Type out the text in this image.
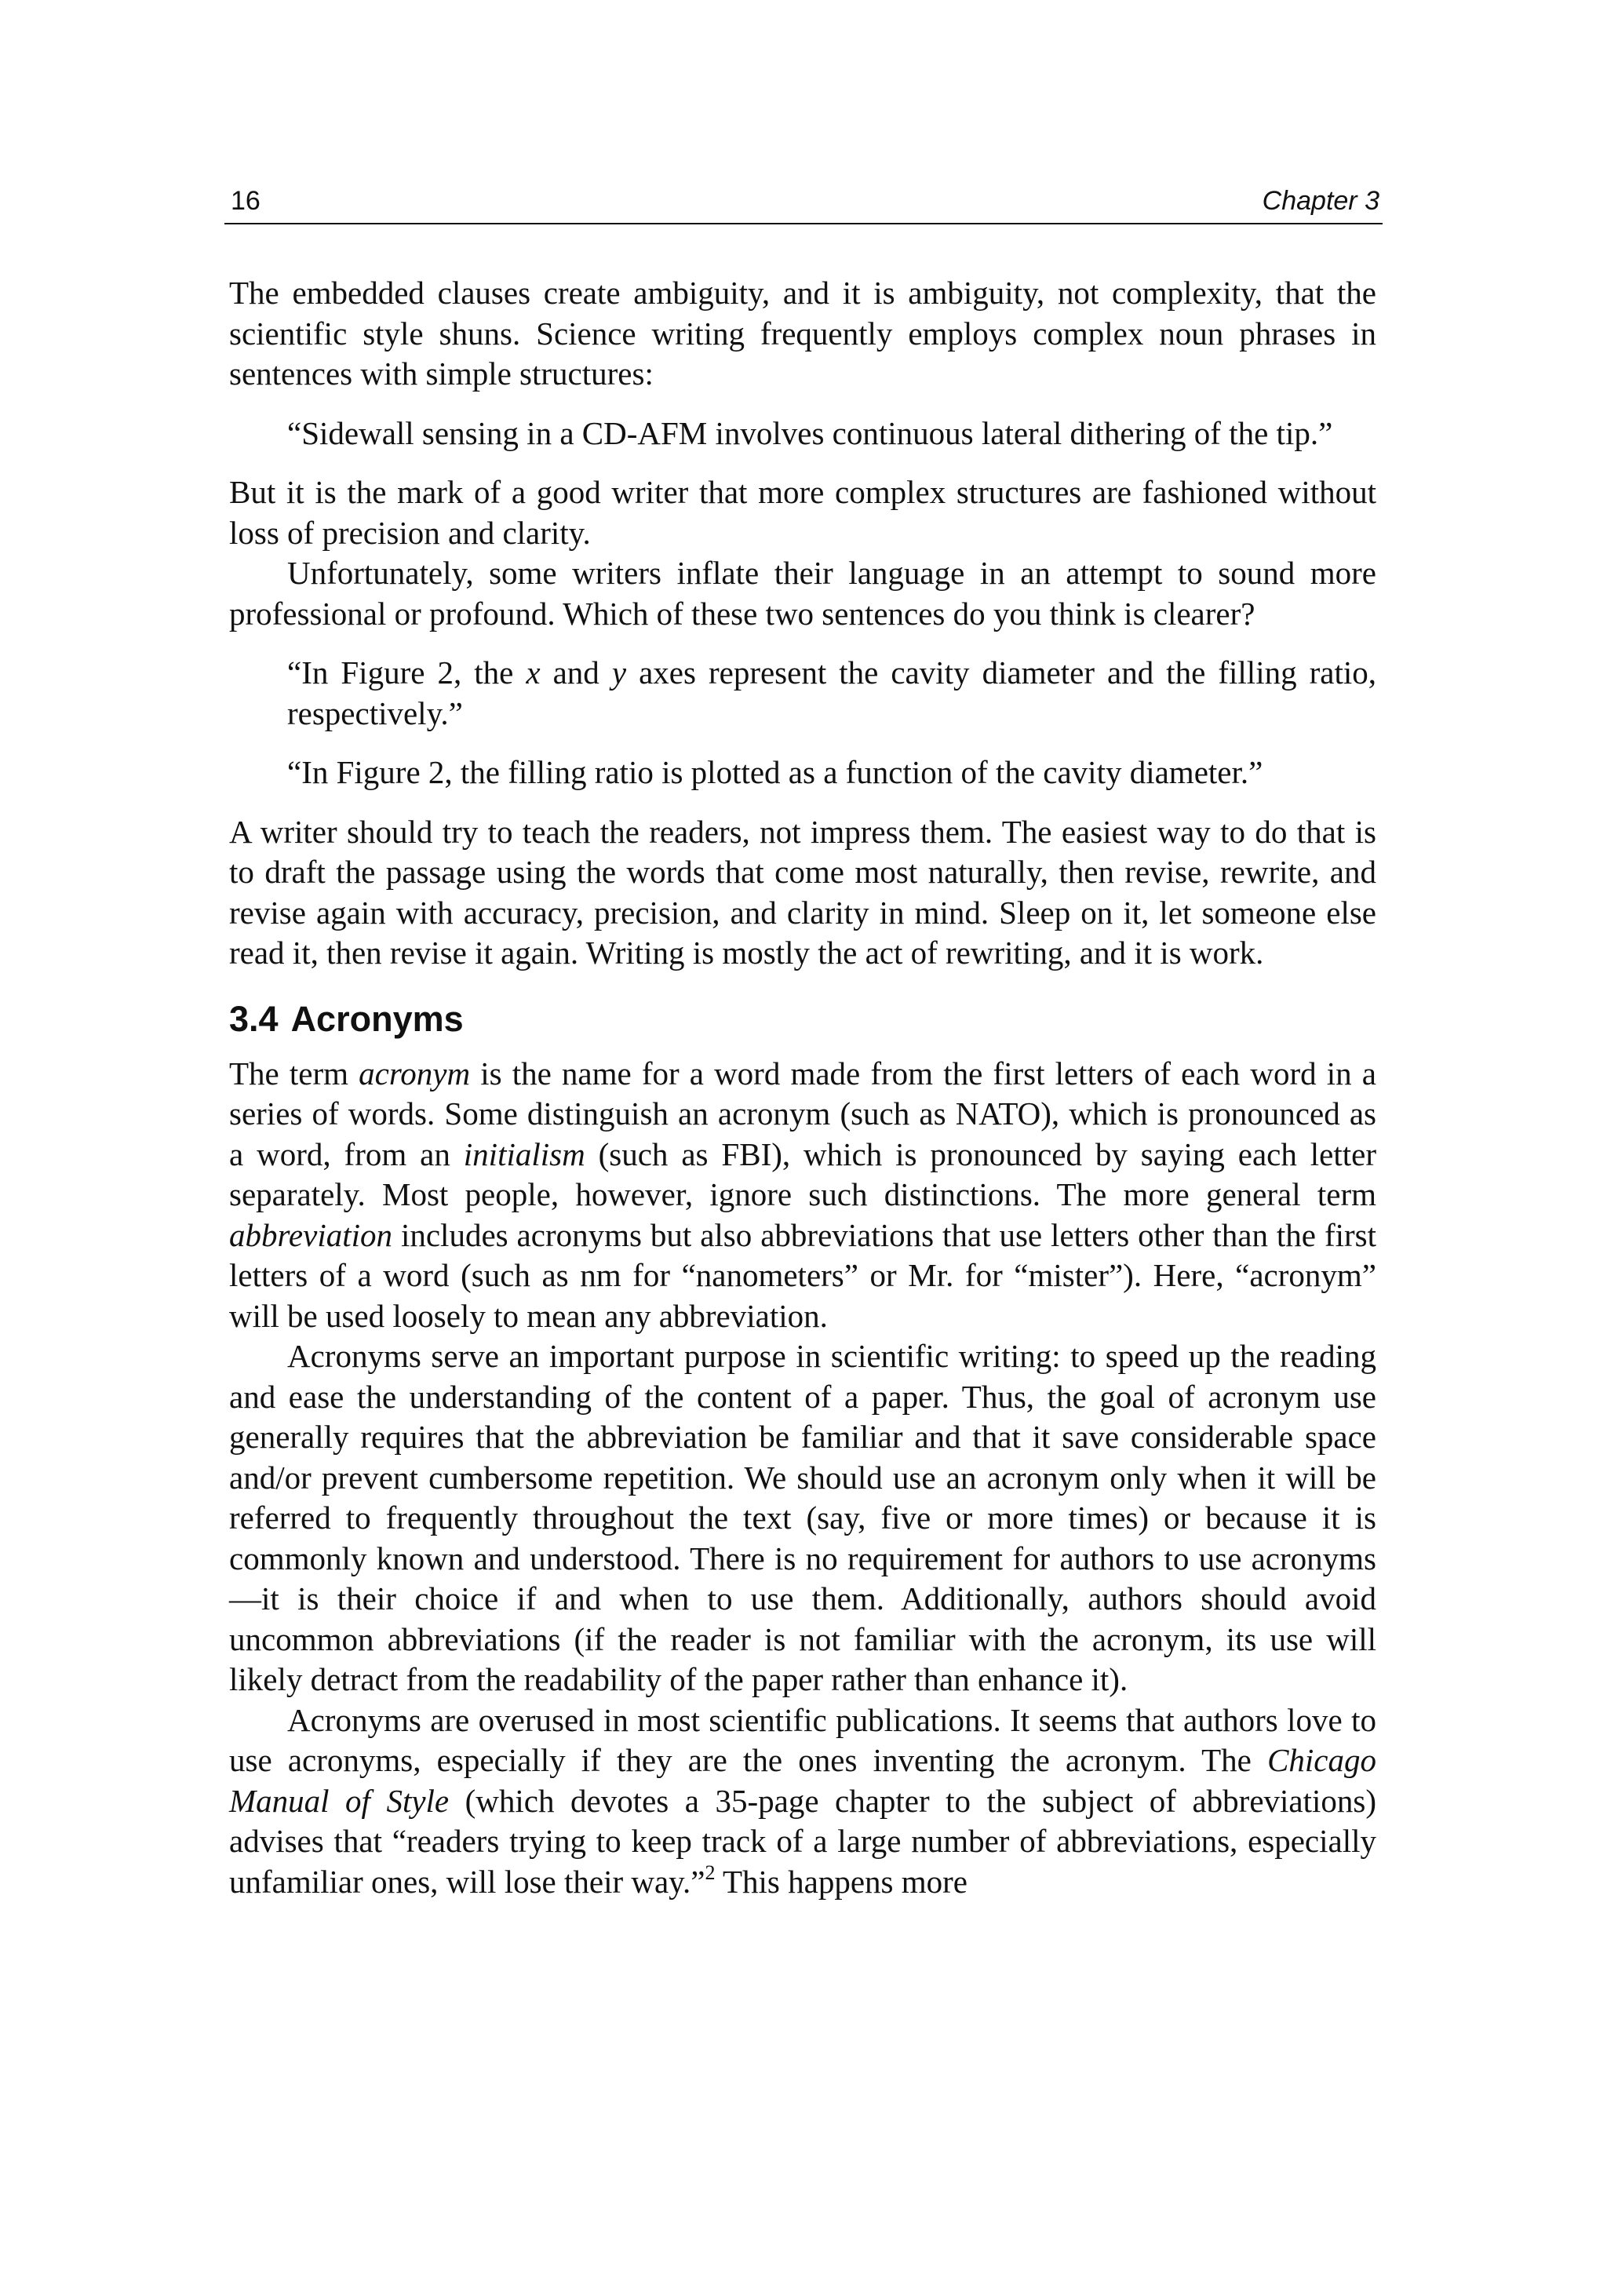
16	Chapter 3

The embedded clauses create ambiguity, and it is ambiguity, not complexity, that the scientific style shuns. Science writing frequently employs complex noun phrases in sentences with simple structures:

“Sidewall sensing in a CD-AFM involves continuous lateral dithering of the tip.”

But it is the mark of a good writer that more complex structures are fashioned without loss of precision and clarity.

Unfortunately, some writers inflate their language in an attempt to sound more professional or profound. Which of these two sentences do you think is clearer?

“In Figure 2, the x and y axes represent the cavity diameter and the filling ratio, respectively.”

“In Figure 2, the filling ratio is plotted as a function of the cavity diameter.”

A writer should try to teach the readers, not impress them. The easiest way to do that is to draft the passage using the words that come most naturally, then revise, rewrite, and revise again with accuracy, precision, and clarity in mind. Sleep on it, let someone else read it, then revise it again. Writing is mostly the act of rewriting, and it is work.

3.4 Acronyms

The term acronym is the name for a word made from the first letters of each word in a series of words. Some distinguish an acronym (such as NATO), which is pronounced as a word, from an initialism (such as FBI), which is pronounced by saying each letter separately. Most people, however, ignore such distinctions. The more general term abbreviation includes acronyms but also abbreviations that use letters other than the first letters of a word (such as nm for “nanometers” or Mr. for “mister”). Here, “acronym” will be used loosely to mean any abbreviation.

Acronyms serve an important purpose in scientific writing: to speed up the reading and ease the understanding of the content of a paper. Thus, the goal of acronym use generally requires that the abbreviation be familiar and that it save considerable space and/or prevent cumbersome repetition. We should use an acronym only when it will be referred to frequently throughout the text (say, five or more times) or because it is commonly known and understood. There is no requirement for authors to use acronyms—it is their choice if and when to use them. Additionally, authors should avoid uncommon abbreviations (if the reader is not familiar with the acronym, its use will likely detract from the readability of the paper rather than enhance it).

Acronyms are overused in most scientific publications. It seems that authors love to use acronyms, especially if they are the ones inventing the acronym. The Chicago Manual of Style (which devotes a 35-page chapter to the subject of abbreviations) advises that “readers trying to keep track of a large number of abbreviations, especially unfamiliar ones, will lose their way.”$^2$ This happens more
